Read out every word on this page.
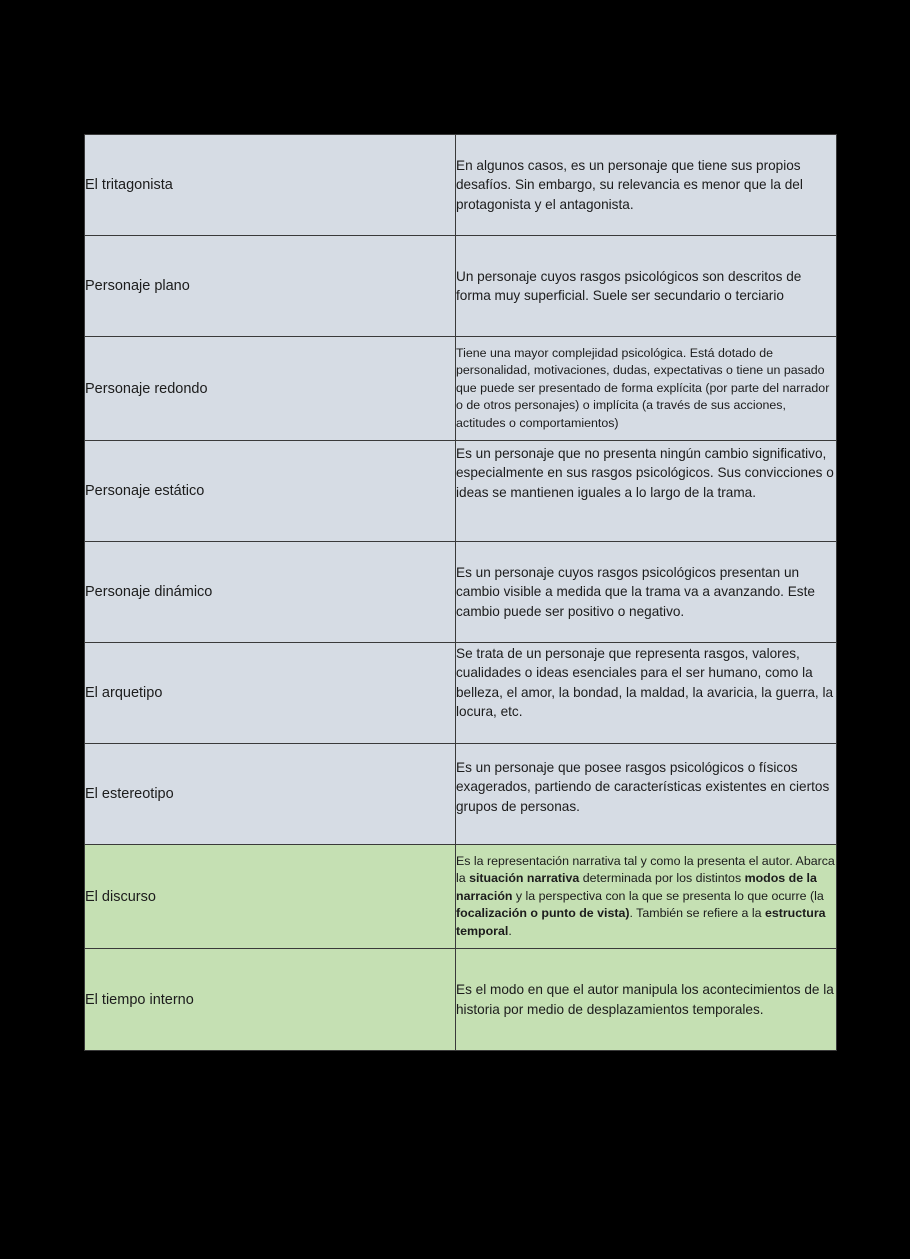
El tritagonista	En algunos casos, es un personaje que tiene sus propios desafíos. Sin embargo, su relevancia es menor que la del protagonista y el antagonista.
Personaje plano	Un personaje cuyos rasgos psicológicos son descritos de forma muy superficial. Suele ser secundario o terciario
Personaje redondo	Tiene una mayor complejidad psicológica. Está dotado de personalidad, motivaciones, dudas, expectativas o tiene un pasado que puede ser presentado de forma explícita (por parte del narrador o de otros personajes) o implícita (a través de sus acciones, actitudes o comportamientos)
Personaje estático	Es un personaje que no presenta ningún cambio significativo, especialmente en sus rasgos psicológicos. Sus convicciones o ideas se mantienen iguales a lo largo de la trama.
Personaje dinámico	Es un personaje cuyos rasgos psicológicos presentan un cambio visible a medida que la trama va a avanzando. Este cambio puede ser positivo o negativo.
El arquetipo	Se trata de un personaje que representa rasgos, valores, cualidades o ideas esenciales para el ser humano, como la belleza, el amor, la bondad, la maldad, la avaricia, la guerra, la locura, etc.
El estereotipo	Es un personaje que posee rasgos psicológicos o físicos exagerados, partiendo de características existentes en ciertos grupos de personas.
El discurso	Es la representación narrativa tal y como la presenta el autor. Abarca la situación narrativa determinada por los distintos modos de la narración y la perspectiva con la que se presenta lo que ocurre (la focalización o punto de vista). También se refiere a la estructura temporal.
El tiempo interno	Es el modo en que el autor manipula los acontecimientos de la historia por medio de desplazamientos temporales.
